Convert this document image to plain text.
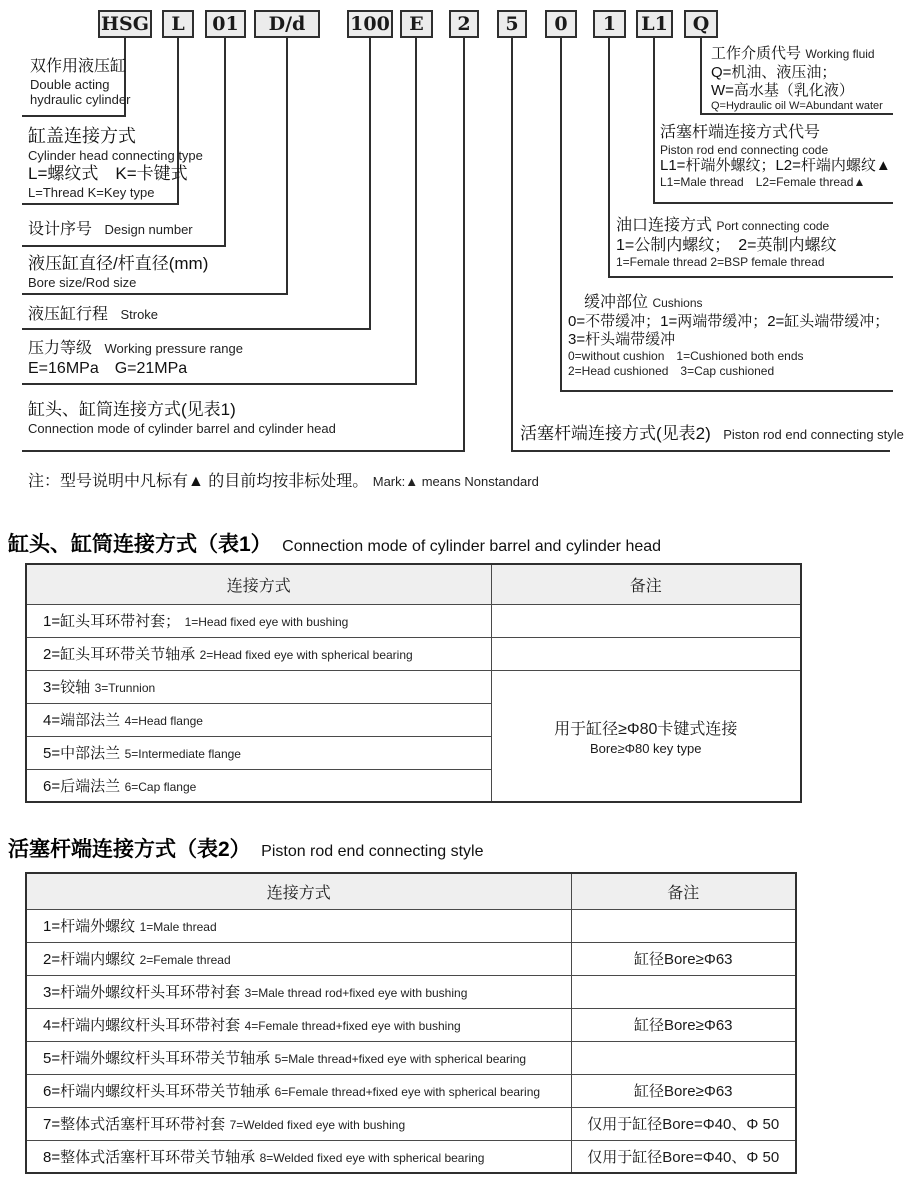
HSG	L	01	D/d	100	E	2	5	0	1	L1	Q
双作用液压缸
Double acting
hydraulic cylinder
缸盖连接方式
Cylinder head connecting type
L=螺纹式　K=卡键式
L=Thread K=Key type
设计序号 Design number
液压缸直径/杆直径(mm)
Bore size/Rod size
液压缸行程 Stroke
压力等级 Working pressure range
E=16MPa　G=21MPa
缸头、缸筒连接方式(见表1)
Connection mode of cylinder barrel and cylinder head
工作介质代号 Working fluid
Q=机油、液压油；
W=高水基（乳化液）
Q=Hydraulic oil W=Abundant water
活塞杆端连接方式代号
Piston rod end connecting code
L1=杆端外螺纹；L2=杆端内螺纹▲
L1=Male thread　L2=Female thread▲
油口连接方式 Port connecting code
1=公制内螺纹；　2=英制内螺纹
1=Female thread 2=BSP female thread
缓冲部位 Cushions
0=不带缓冲；1=两端带缓冲；2=缸头端带缓冲；
3=杆头端带缓冲
0=without cushion　1=Cushioned both ends
2=Head cushioned　3=Cap cushioned
活塞杆端连接方式(见表2) Piston rod end connecting style
注：型号说明中凡标有▲ 的目前均按非标处理。 Mark:▲ means Nonstandard
缸头、缸筒连接方式（表1） Connection mode of cylinder barrel and cylinder head
连接方式	备注
1=缸头耳环带衬套； 1=Head fixed eye with bushing	
2=缸头耳环带关节轴承 2=Head fixed eye with spherical bearing	
3=铰轴 3=Trunnion	用于缸径≥Φ80卡键式连接
Bore≥Φ80 key type

4=端部法兰 4=Head flange	
5=中部法兰 5=Intermediate flange	
6=后端法兰 6=Cap flange	
活塞杆端连接方式（表2） Piston rod end connecting style
连接方式	备注
1=杆端外螺纹 1=Male thread	
2=杆端内螺纹 2=Female thread	缸径Bore≥Φ63
3=杆端外螺纹杆头耳环带衬套 3=Male thread rod+fixed eye with bushing	
4=杆端内螺纹杆头耳环带衬套 4=Female thread+fixed eye with bushing	缸径Bore≥Φ63
5=杆端外螺纹杆头耳环带关节轴承 5=Male thread+fixed eye with spherical bearing	
6=杆端内螺纹杆头耳环带关节轴承 6=Female thread+fixed eye with spherical bearing	缸径Bore≥Φ63
7=整体式活塞杆耳环带衬套 7=Welded fixed eye with bushing	仅用于缸径Bore=Φ40、Φ 50
8=整体式活塞杆耳环带关节轴承 8=Welded fixed eye with spherical bearing	仅用于缸径Bore=Φ40、Φ 50
